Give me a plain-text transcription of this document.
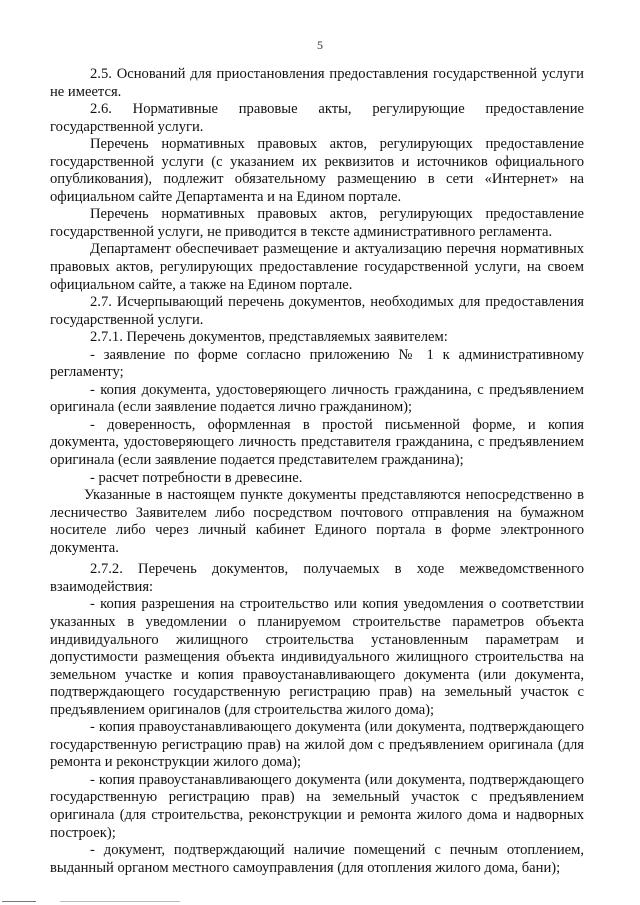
5

2.5. Оснований для приостановления предоставления государственной услуги не имеется.

2.6. Нормативные правовые акты, регулирующие предоставление государственной услуги.

Перечень нормативных правовых актов, регулирующих предоставление государственной услуги (с указанием их реквизитов и источников официального опубликования), подлежит обязательному размещению в сети «Интернет» на официальном сайте Департамента и на Едином портале.

Перечень нормативных правовых актов, регулирующих предоставление государственной услуги, не приводится в тексте административного регламента.

Департамент обеспечивает размещение и актуализацию перечня нормативных правовых актов, регулирующих предоставление государственной услуги, на своем официальном сайте, а также на Едином портале.

2.7. Исчерпывающий перечень документов, необходимых для предоставления государственной услуги.

2.7.1. Перечень документов, представляемых заявителем:

- заявление по форме согласно приложению № 1 к административному регламенту;

- копия документа, удостоверяющего личность гражданина, с предъявлением оригинала (если заявление подается лично гражданином);

- доверенность, оформленная в простой письменной форме, и копия документа, удостоверяющего личность представителя гражданина, с предъявлением оригинала (если заявление подается представителем гражданина);

- расчет потребности в древесине.

Указанные в настоящем пункте документы представляются непосредственно в лесничество Заявителем либо посредством почтового отправления на бумажном носителе либо через личный кабинет Единого портала в форме электронного документа.

2.7.2. Перечень документов, получаемых в ходе межведомственного взаимодействия:

- копия разрешения на строительство или копия уведомления о соответствии указанных в уведомлении о планируемом строительстве параметров объекта индивидуального жилищного строительства установленным параметрам и допустимости размещения объекта индивидуального жилищного строительства на земельном участке и копия правоустанавливающего документа (или документа, подтверждающего государственную регистрацию прав) на земельный участок с предъявлением оригиналов (для строительства жилого дома);

- копия правоустанавливающего документа (или документа, подтверждающего государственную регистрацию прав) на жилой дом с предъявлением оригинала (для ремонта и реконструкции жилого дома);

- копия правоустанавливающего документа (или документа, подтверждающего государственную регистрацию прав) на земельный участок с предъявлением оригинала (для строительства, реконструкции и ремонта жилого дома и надворных построек);

- документ, подтверждающий наличие помещений с печным отоплением, выданный органом местного самоуправления (для отопления жилого дома, бани);
